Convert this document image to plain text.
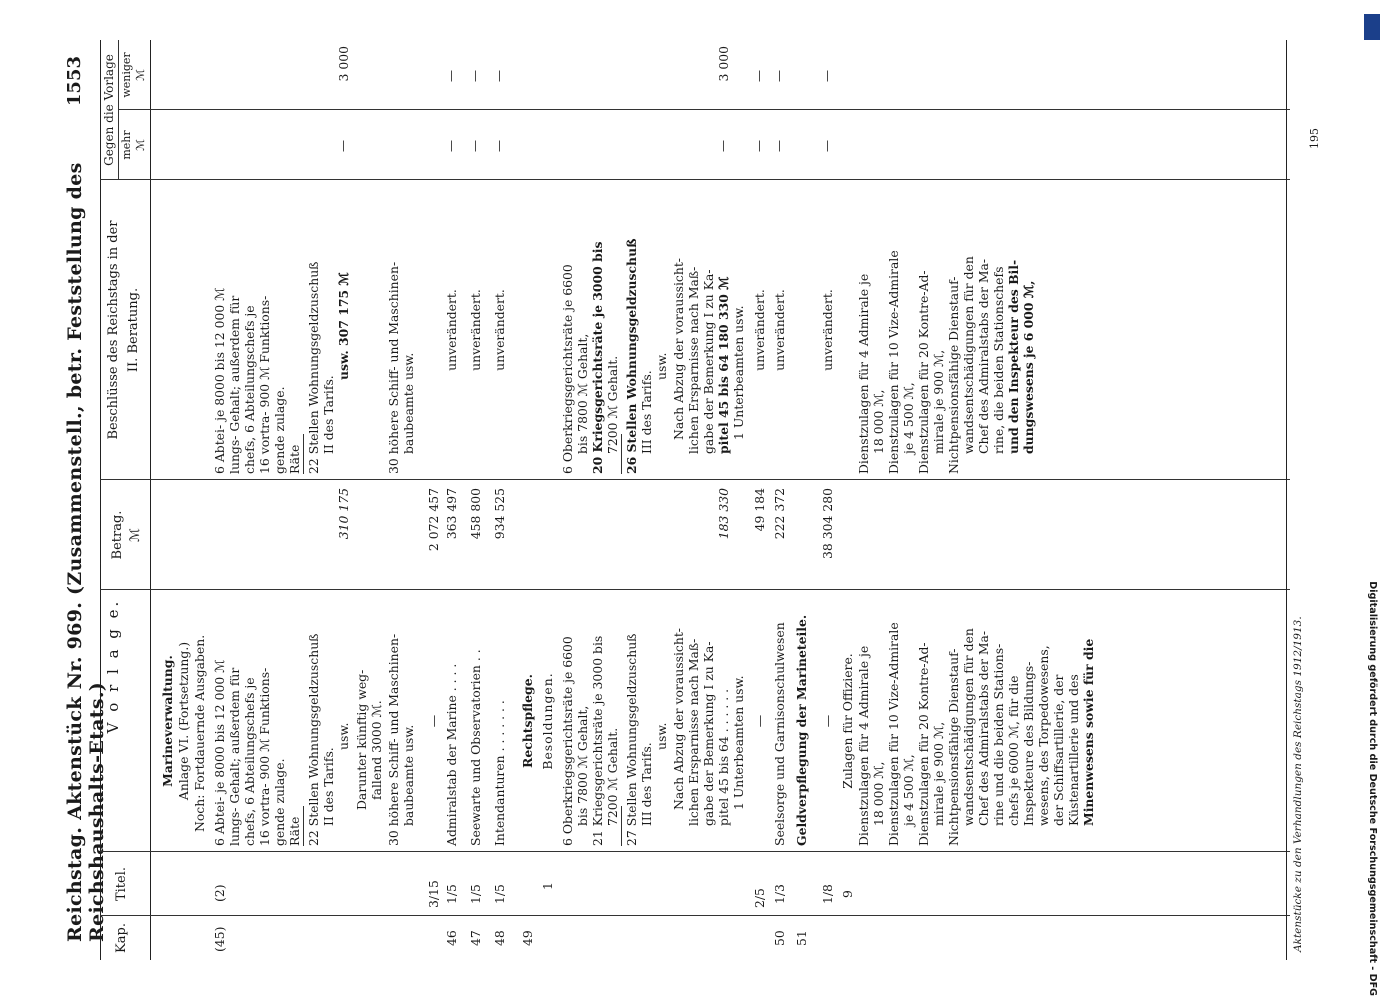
Reichstag. Aktenstück Nr. 969. (Zusammenstell., betr. Feststellung des Reichshaushalts-Etats.)
1553
Kap.
Titel.
V o r l a g e.
Betrag. ℳ
Beschlüsse des Reichstags in der II. Beratung.
Gegen die Vorlage mehr
weniger
ℳ
ℳ
Marineverwaltung. Anlage VI. (Fortsetzung.) Noch: Fortdauernde Ausgaben.
(45)
(2)
6 Abtei- je 8000 bis 12 000 ℳ lungs- Gehalt; außerdem für chefs, 6 Abteilungschefs je 16 vortra- 900 ℳ Funktions- gende zulage. Räte 22 Stellen Wohnungsgeldzuschuß II des Tarifs.
usw.
310 175
Darunter künftig weg- fallend 3000 ℳ. 30 höhere Schiff- und Maschinen- baubeamte usw.
3/15
—
2 072 457
46
1/5
Admiralstab der Marine . . . .
363 497
47
1/5
Seewarte und Observatorien . .
458 800
48
1/5
Intendanturen . . . . . . .
934 525
49
Rechtspflege.
1
Besoldungen. 6 Oberkriegsgerichtsräte je 6600 bis 7800 ℳ Gehalt, 21 Kriegsgerichtsräte je 3000 bis 7200 ℳ Gehalt. 27 Stellen Wohnungsgeldzuschuß III des Tarifs.
usw. Nach Abzug der voraussicht- lichen Ersparnisse nach Maß- gabe der Bemerkung I zu Ka- pitel 45 bis 64 . . . . . .
183 330
1 Unterbeamten usw.
2/5
—
49 184
50
1/3
Seelsorge und Garnisonschulwesen
222 372
51
Geldverpflegung der Marineteile.
1/8
—
38 304 280
9
Zulagen für Offiziere. Dienstzulagen für 4 Admirale je 18 000 ℳ, Dienstzulagen für 10 Vize-Admirale je 4 500 ℳ, Dienstzulagen für 20 Kontre-Ad- mirale je 900 ℳ, Nichtpensionsfähige Dienstauf- wandsentschädigungen für den Chef des Admiralstabs der Ma- rine und die beiden Stations- chefs je 6000 ℳ, für die Inspekteure des Bildungs- wesens, des Torpedowesens, der Schiffsartillerie, der Küstenartillerie und des Minenwesens sowie für die
6 Abtei- je 8000 bis 12 000 ℳ lungs- Gehalt; außerdem für chefs, 6 Abteilungschefs je 16 vortra- 900 ℳ Funktions- gende zulage. Räte 22 Stellen Wohnungsgeldzuschuß II des Tarifs.
usw. 307 175 ℳ
3 000
—
30 höhere Schiff- und Maschinen- baubeamte usw.
unverändert. unverändert. unverändert.
—
—
—
—
—
—
6 Oberkriegsgerichtsräte je 6600 bis 7800 ℳ Gehalt, 20 Kriegsgerichtsräte je 3000 bis 7200 ℳ Gehalt. 26 Stellen Wohnungsgeldzuschuß III des Tarifs.
usw. Nach Abzug der voraussicht- lichen Ersparnisse nach Maß- gabe der Bemerkung I zu Ka- pitel 45 bis 64 180 330 ℳ
3 000
—
1 Unterbeamten usw. unverändert. unverändert.
—
—
—
—
unverändert.
—
—
Dienstzulagen für 4 Admirale je 18 000 ℳ, Dienstzulagen für 10 Vize-Admirale je 4 500 ℳ, Dienstzulagen für 20 Kontre-Ad- mirale je 900 ℳ, Nichtpensionsfähige Dienstauf- wandsentschädigungen für den Chef des Admiralstabs der Ma- rine, die beiden Stationschefs und den Inspekteur des Bil- dungswesens je 6 000 ℳ,
Aktenstücke zu den Verhandlungen des Reichstags 1912/1913.
195
Digitalisierung gefördert durch die Deutsche Forschungsgemeinschaft - DFG
